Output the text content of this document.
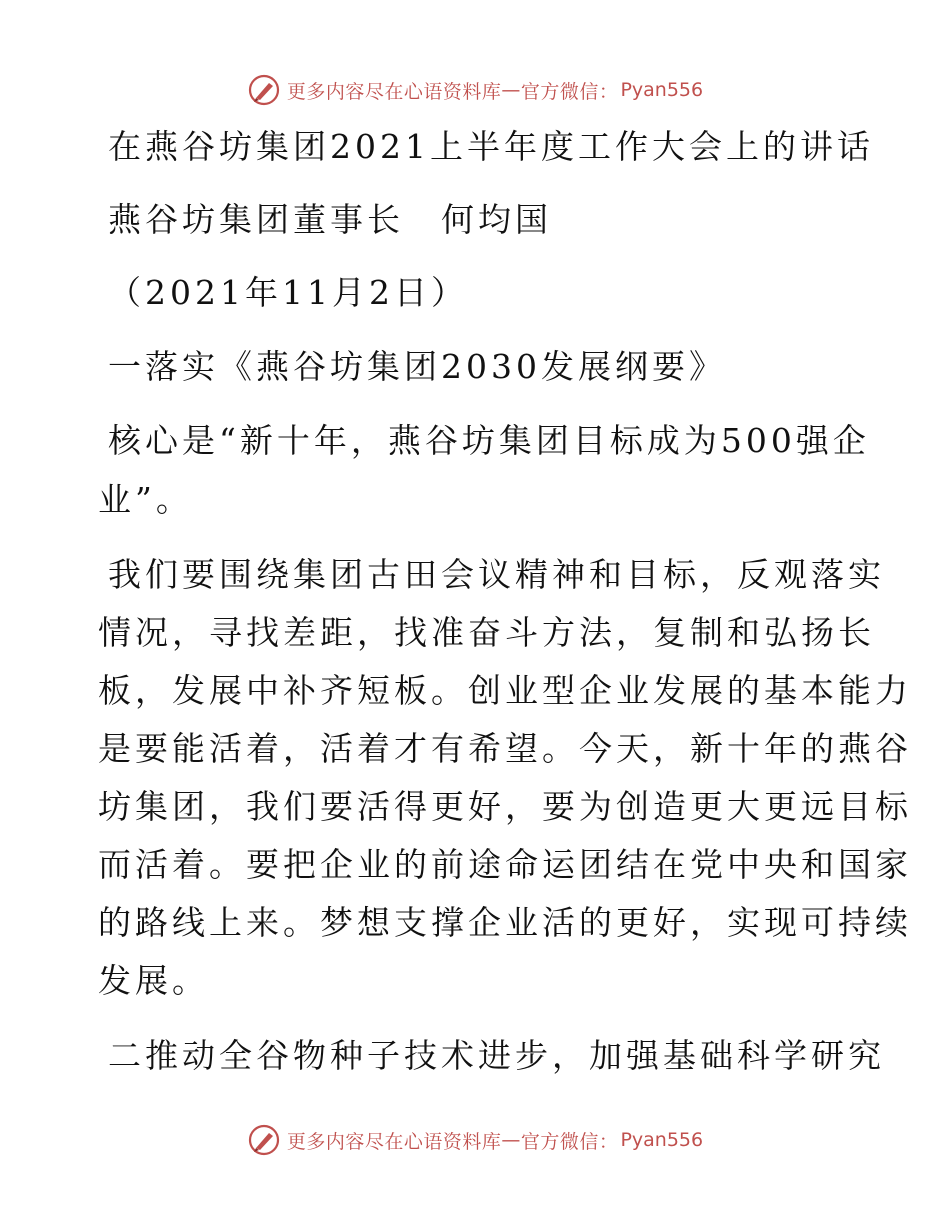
更多内容尽在心语资料库 — 官方微信： Pyan556
在燕谷坊集团2021上半年度工作大会上的讲话
燕谷坊集团董事长　何均国
（2021年11月2日）
一落实《燕谷坊集团2030发展纲要》
核心是“新十年，燕谷坊集团目标成为500强企
业”。
我们要围绕集团古田会议精神和目标，反观落实
情况，寻找差距，找准奋斗方法，复制和弘扬长
板，发展中补齐短板。创业型企业发展的基本能力
是要能活着，活着才有希望。今天，新十年的燕谷
坊集团，我们要活得更好，要为创造更大更远目标
而活着。要把企业的前途命运团结在党中央和国家
的路线上来。梦想支撑企业活的更好，实现可持续
发展。
二推动全谷物种子技术进步，加强基础科学研究
更多内容尽在心语资料库 — 官方微信： Pyan556
